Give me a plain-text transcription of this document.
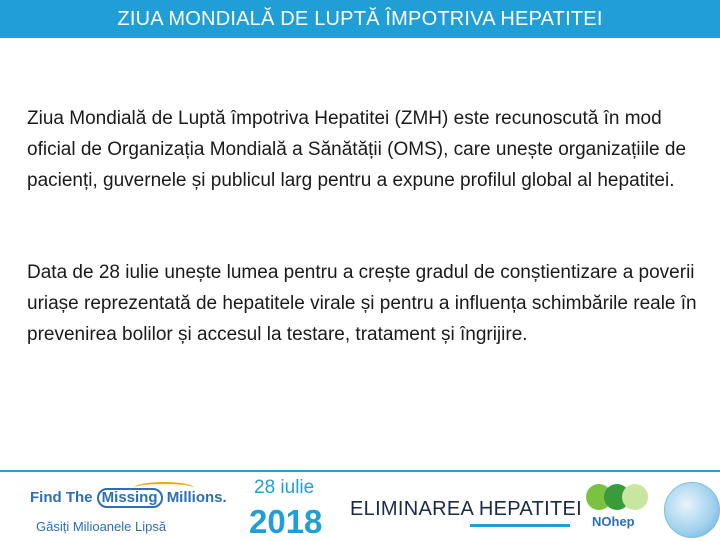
ZIUA MONDIALĂ DE LUPTĂ ÎMPOTRIVA HEPATITEI
Ziua Mondială de Luptă împotriva Hepatitei (ZMH) este recunoscută în mod oficial de Organizația Mondială a Sănătății (OMS), care unește organizațiile de pacienți, guvernele și publicul larg pentru a expune profilul global al hepatitei.
Data de 28 iulie unește lumea pentru a crește gradul de conștientizare a poverii uriașe reprezentată de hepatitele virale și pentru a influența schimbările reale în prevenirea bolilor și accesul la testare, tratament și îngrijire.
Find The Missing Millions.
Găsiți Milioanele Lipsă
28 iulie
2018 ELIMINAREA HEPATITEI
NOhep
